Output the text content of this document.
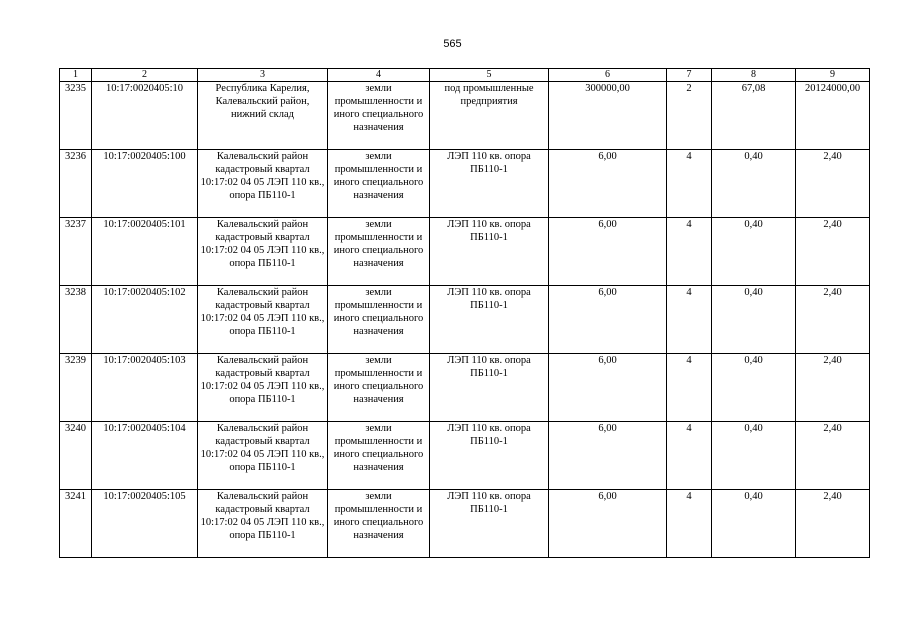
565
1	2	3	4	5	6	7	8	9
3235	10:17:0020405:10	Республика Карелия, Калевальский район, нижний склад	земли промышленности и иного специального назначения	под промышленные предприятия	300000,00	2	67,08	20124000,00
3236	10:17:0020405:100	Калевальский район кадастровый квартал 10:17:02 04 05 ЛЭП 110 кв., опора ПБ110-1	земли промышленности и иного специального назначения	ЛЭП 110 кв. опора ПБ110-1	6,00	4	0,40	2,40
3237	10:17:0020405:101	Калевальский район кадастровый квартал 10:17:02 04 05 ЛЭП 110 кв., опора ПБ110-1	земли промышленности и иного специального назначения	ЛЭП 110 кв. опора ПБ110-1	6,00	4	0,40	2,40
3238	10:17:0020405:102	Калевальский район кадастровый квартал 10:17:02 04 05 ЛЭП 110 кв., опора ПБ110-1	земли промышленности и иного специального назначения	ЛЭП 110 кв. опора ПБ110-1	6,00	4	0,40	2,40
3239	10:17:0020405:103	Калевальский район кадастровый квартал 10:17:02 04 05 ЛЭП 110 кв., опора ПБ110-1	земли промышленности и иного специального назначения	ЛЭП 110 кв. опора ПБ110-1	6,00	4	0,40	2,40
3240	10:17:0020405:104	Калевальский район кадастровый квартал 10:17:02 04 05 ЛЭП 110 кв., опора ПБ110-1	земли промышленности и иного специального назначения	ЛЭП 110 кв. опора ПБ110-1	6,00	4	0,40	2,40
3241	10:17:0020405:105	Калевальский район кадастровый квартал 10:17:02 04 05 ЛЭП 110 кв., опора ПБ110-1	земли промышленности и иного специального назначения	ЛЭП 110 кв. опора ПБ110-1	6,00	4	0,40	2,40
